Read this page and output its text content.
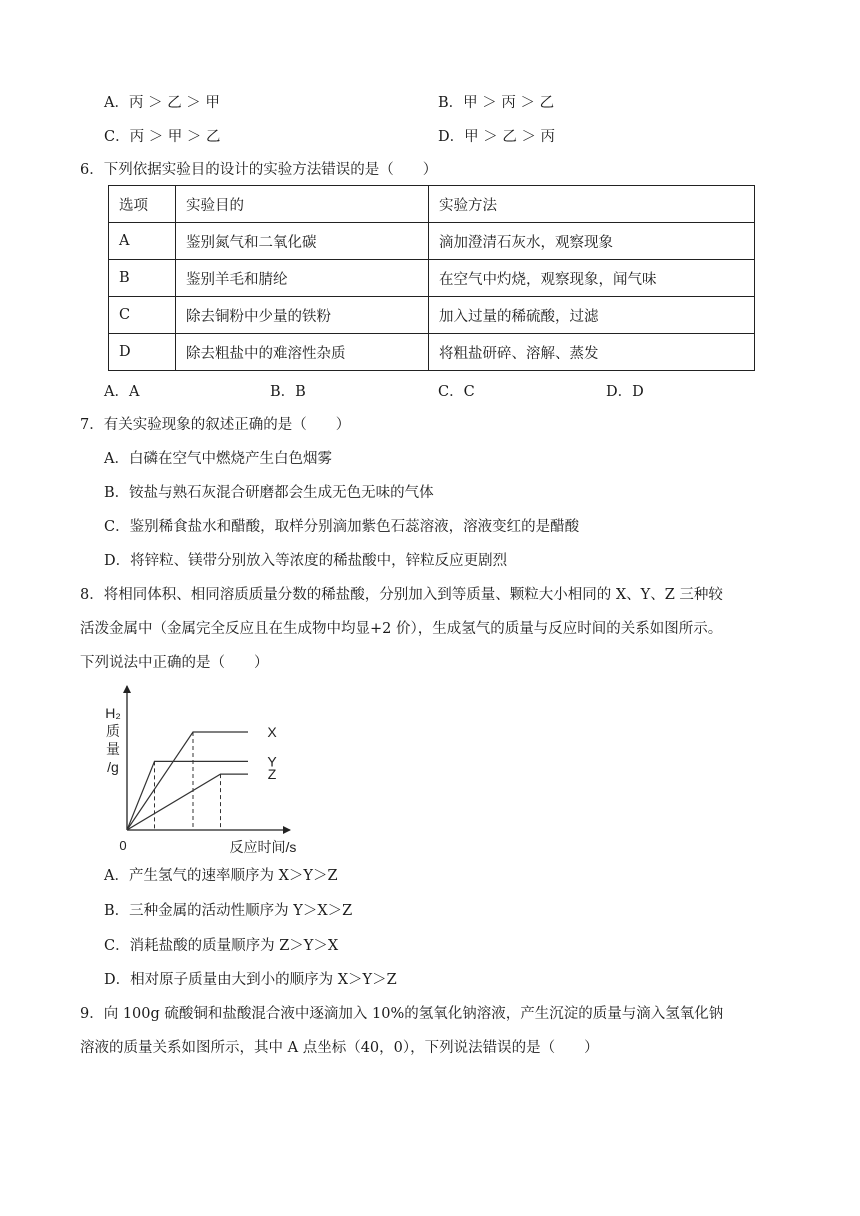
A．丙 ＞ 乙 ＞ 甲	B．甲 ＞ 丙 ＞ 乙
C．丙 ＞ 甲 ＞ 乙	D．甲 ＞ 乙 ＞ 丙
6．下列依据实验目的设计的实验方法错误的是（　　）
选项	实验目的	实验方法
A	鉴别氮气和二氧化碳	滴加澄清石灰水，观察现象
B	鉴别羊毛和腈纶	在空气中灼烧，观察现象，闻气味
C	除去铜粉中少量的铁粉	加入过量的稀硫酸，过滤
D	除去粗盐中的难溶性杂质	将粗盐研碎、溶解、蒸发
A．A	B．B	C．C	D．D
7．有关实验现象的叙述正确的是（　　）
A．白磷在空气中燃烧产生白色烟雾
B．铵盐与熟石灰混合研磨都会生成无色无味的气体
C．鉴别稀食盐水和醋酸，取样分别滴加紫色石蕊溶液，溶液变红的是醋酸
D．将锌粒、镁带分别放入等浓度的稀盐酸中，锌粒反应更剧烈
8．将相同体积、相同溶质质量分数的稀盐酸，分别加入到等质量、颗粒大小相同的 X、Y、Z 三种较
活泼金属中（金属完全反应且在生成物中均显+2 价），生成氢气的质量与反应时间的关系如图所示。
下列说法中正确的是（　　）
H₂
质
量
/g
0	反应时间/s
X
Y
Z
A．产生氢气的速率顺序为 X＞Y＞Z
B．三种金属的活动性顺序为 Y＞X＞Z
C．消耗盐酸的质量顺序为 Z＞Y＞X
D．相对原子质量由大到小的顺序为 X＞Y＞Z
9．向 100g 硫酸铜和盐酸混合液中逐滴加入 10%的氢氧化钠溶液，产生沉淀的质量与滴入氢氧化钠
溶液的质量关系如图所示，其中 A 点坐标（40，0），下列说法错误的是（　　）
